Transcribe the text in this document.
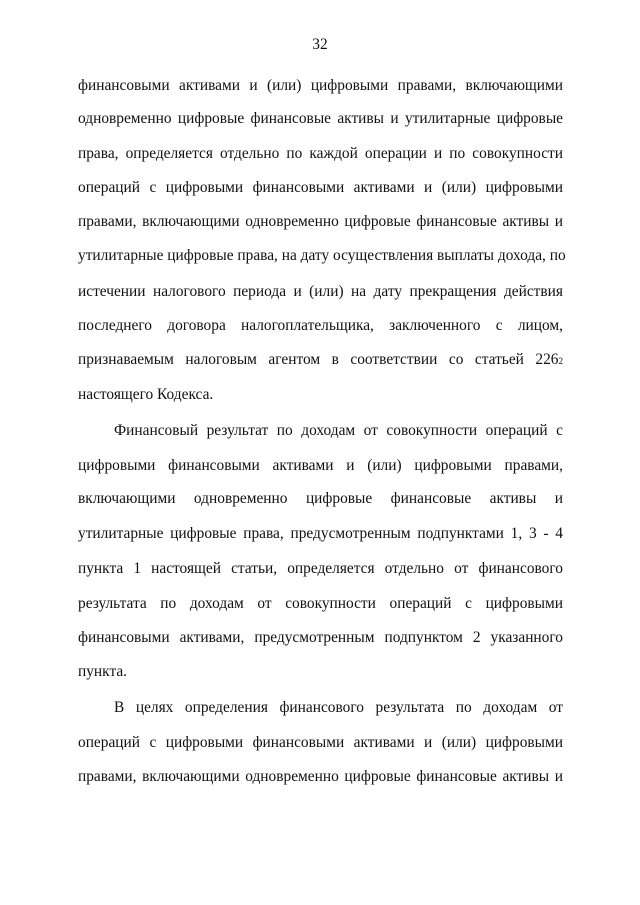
32
финансовыми активами и (или) цифровыми правами, включающими
одновременно цифровые финансовые активы и утилитарные цифровые
права, определяется отдельно по каждой операции и по совокупности
операций с цифровыми финансовыми активами и (или) цифровыми
правами, включающими одновременно цифровые финансовые активы и
утилитарные цифровые права, на дату осуществления выплаты дохода, по
истечении налогового периода и (или) на дату прекращения действия
последнего договора налогоплательщика, заключенного с лицом,
признаваемым налоговым агентом в соответствии со статьей 226 2
настоящего Кодекса.
Финансовый результат по доходам от совокупности операций с
цифровыми финансовыми активами и (или) цифровыми правами,
включающими одновременно цифровые финансовые активы и
утилитарные цифровые права, предусмотренным подпунктами 1, 3 - 4
пункта 1 настоящей статьи, определяется отдельно от финансового
результата по доходам от совокупности операций с цифровыми
финансовыми активами, предусмотренным подпунктом 2 указанного
пункта.
В целях определения финансового результата по доходам от
операций с цифровыми финансовыми активами и (или) цифровыми
правами, включающими одновременно цифровые финансовые активы и
